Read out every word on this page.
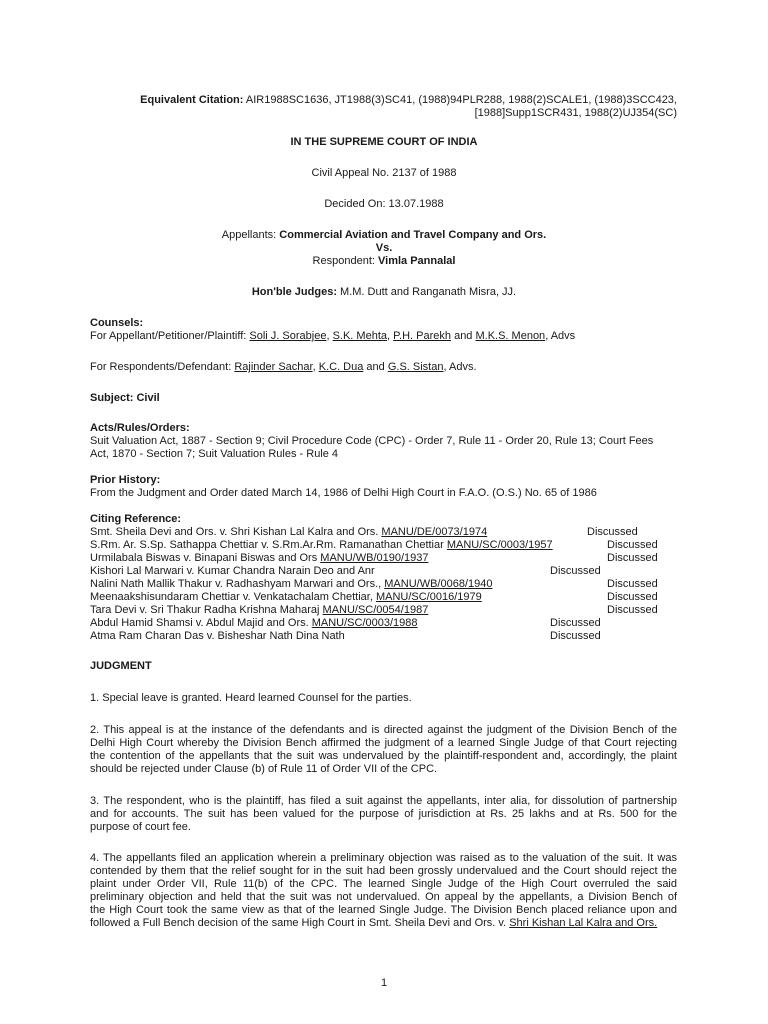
Equivalent Citation: AIR1988SC1636, JT1988(3)SC41, (1988)94PLR288, 1988(2)SCALE1, (1988)3SCC423,
[1988]Supp1SCR431, 1988(2)UJ354(SC)
IN THE SUPREME COURT OF INDIA
Civil Appeal No. 2137 of 1988
Decided On: 13.07.1988
Appellants: Commercial Aviation and Travel Company and Ors.
Vs.
Respondent: Vimla Pannalal
Hon'ble Judges: M.M. Dutt and Ranganath Misra, JJ.
Counsels:
For Appellant/Petitioner/Plaintiff: Soli J. Sorabjee, S.K. Mehta, P.H. Parekh and M.K.S. Menon, Advs
For Respondents/Defendant: Rajinder Sachar, K.C. Dua and G.S. Sistan, Advs.
Subject: Civil
Acts/Rules/Orders:
Suit Valuation Act, 1887 - Section 9; Civil Procedure Code (CPC) - Order 7, Rule 11 - Order 20, Rule 13; Court Fees
Act, 1870 - Section 7; Suit Valuation Rules - Rule 4
Prior History:
From the Judgment and Order dated March 14, 1986 of Delhi High Court in F.A.O. (O.S.) No. 65 of 1986
Citing Reference:
Smt. Sheila Devi and Ors. v. Shri Kishan Lal Kalra and Ors. MANU/DE/0073/1974	Discussed
S.Rm. Ar. S.Sp. Sathappa Chettiar v. S.Rm.Ar.Rm. Ramanathan Chettiar MANU/SC/0003/1957	Discussed
Urmilabala Biswas v. Binapani Biswas and Ors MANU/WB/0190/1937	Discussed
Kishori Lal Marwari v. Kumar Chandra Narain Deo and Anr	Discussed
Nalini Nath Mallik Thakur v. Radhashyam Marwari and Ors., MANU/WB/0068/1940	Discussed
Meenaakshisundaram Chettiar v. Venkatachalam Chettiar, MANU/SC/0016/1979	Discussed
Tara Devi v. Sri Thakur Radha Krishna Maharaj MANU/SC/0054/1987	Discussed
Abdul Hamid Shamsi v. Abdul Majid and Ors. MANU/SC/0003/1988	Discussed
Atma Ram Charan Das v. Bisheshar Nath Dina Nath	Discussed
JUDGMENT
1. Special leave is granted. Heard learned Counsel for the parties.
2. This appeal is at the instance of the defendants and is directed against the judgment of the Division Bench of the
Delhi High Court whereby the Division Bench affirmed the judgment of a learned Single Judge of that Court rejecting
the contention of the appellants that the suit was undervalued by the plaintiff-respondent and, accordingly, the plaint
should be rejected under Clause (b) of Rule 11 of Order VII of the CPC.
3. The respondent, who is the plaintiff, has filed a suit against the appellants, inter alia, for dissolution of partnership
and for accounts. The suit has been valued for the purpose of jurisdiction at Rs. 25 lakhs and at Rs. 500 for the
purpose of court fee.
4. The appellants filed an application wherein a preliminary objection was raised as to the valuation of the suit. It was
contended by them that the relief sought for in the suit had been grossly undervalued and the Court should reject the
plaint under Order VII, Rule 11(b) of the CPC. The learned Single Judge of the High Court overruled the said
preliminary objection and held that the suit was not undervalued. On appeal by the appellants, a Division Bench of
the High Court took the same view as that of the learned Single Judge. The Division Bench placed reliance upon and
followed a Full Bench decision of the same High Court in Smt. Sheila Devi and Ors. v. Shri Kishan Lal Kalra and Ors.
1
